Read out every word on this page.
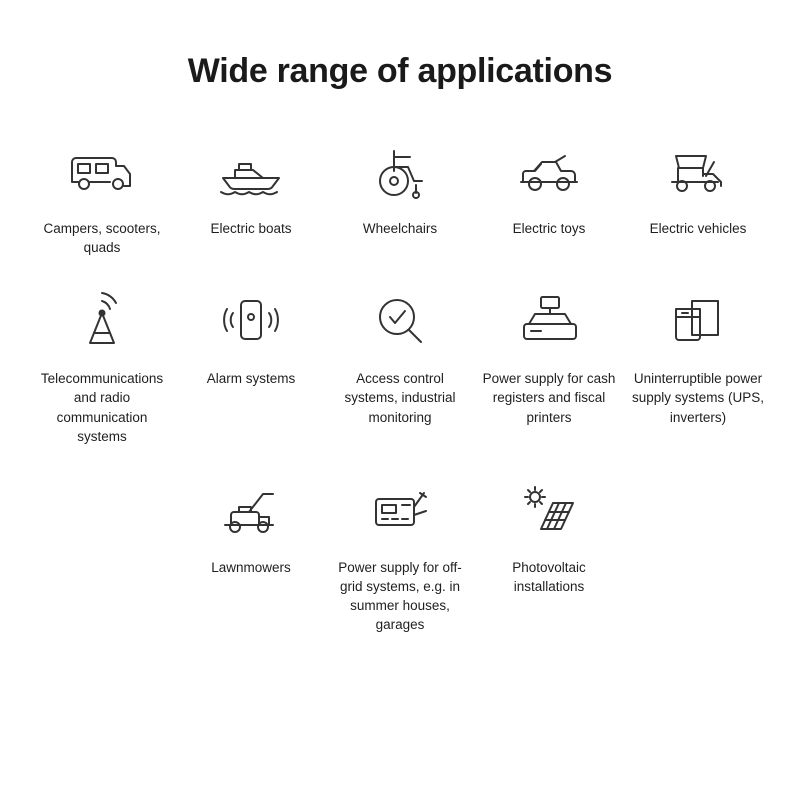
Wide range of applications
Campers, scooters, quads
Electric boats	Wheelchairs	Electric toys	Electric vehicles
Telecommunications and radio communication systems
Alarm systems	Access control systems, industrial monitoring
Power supply for cash registers and fiscal printers
Uninterruptible power supply systems (UPS, inverters)
Lawnmowers	Power supply for off-grid systems, e.g. in summer houses, garages
Photovoltaic installations
